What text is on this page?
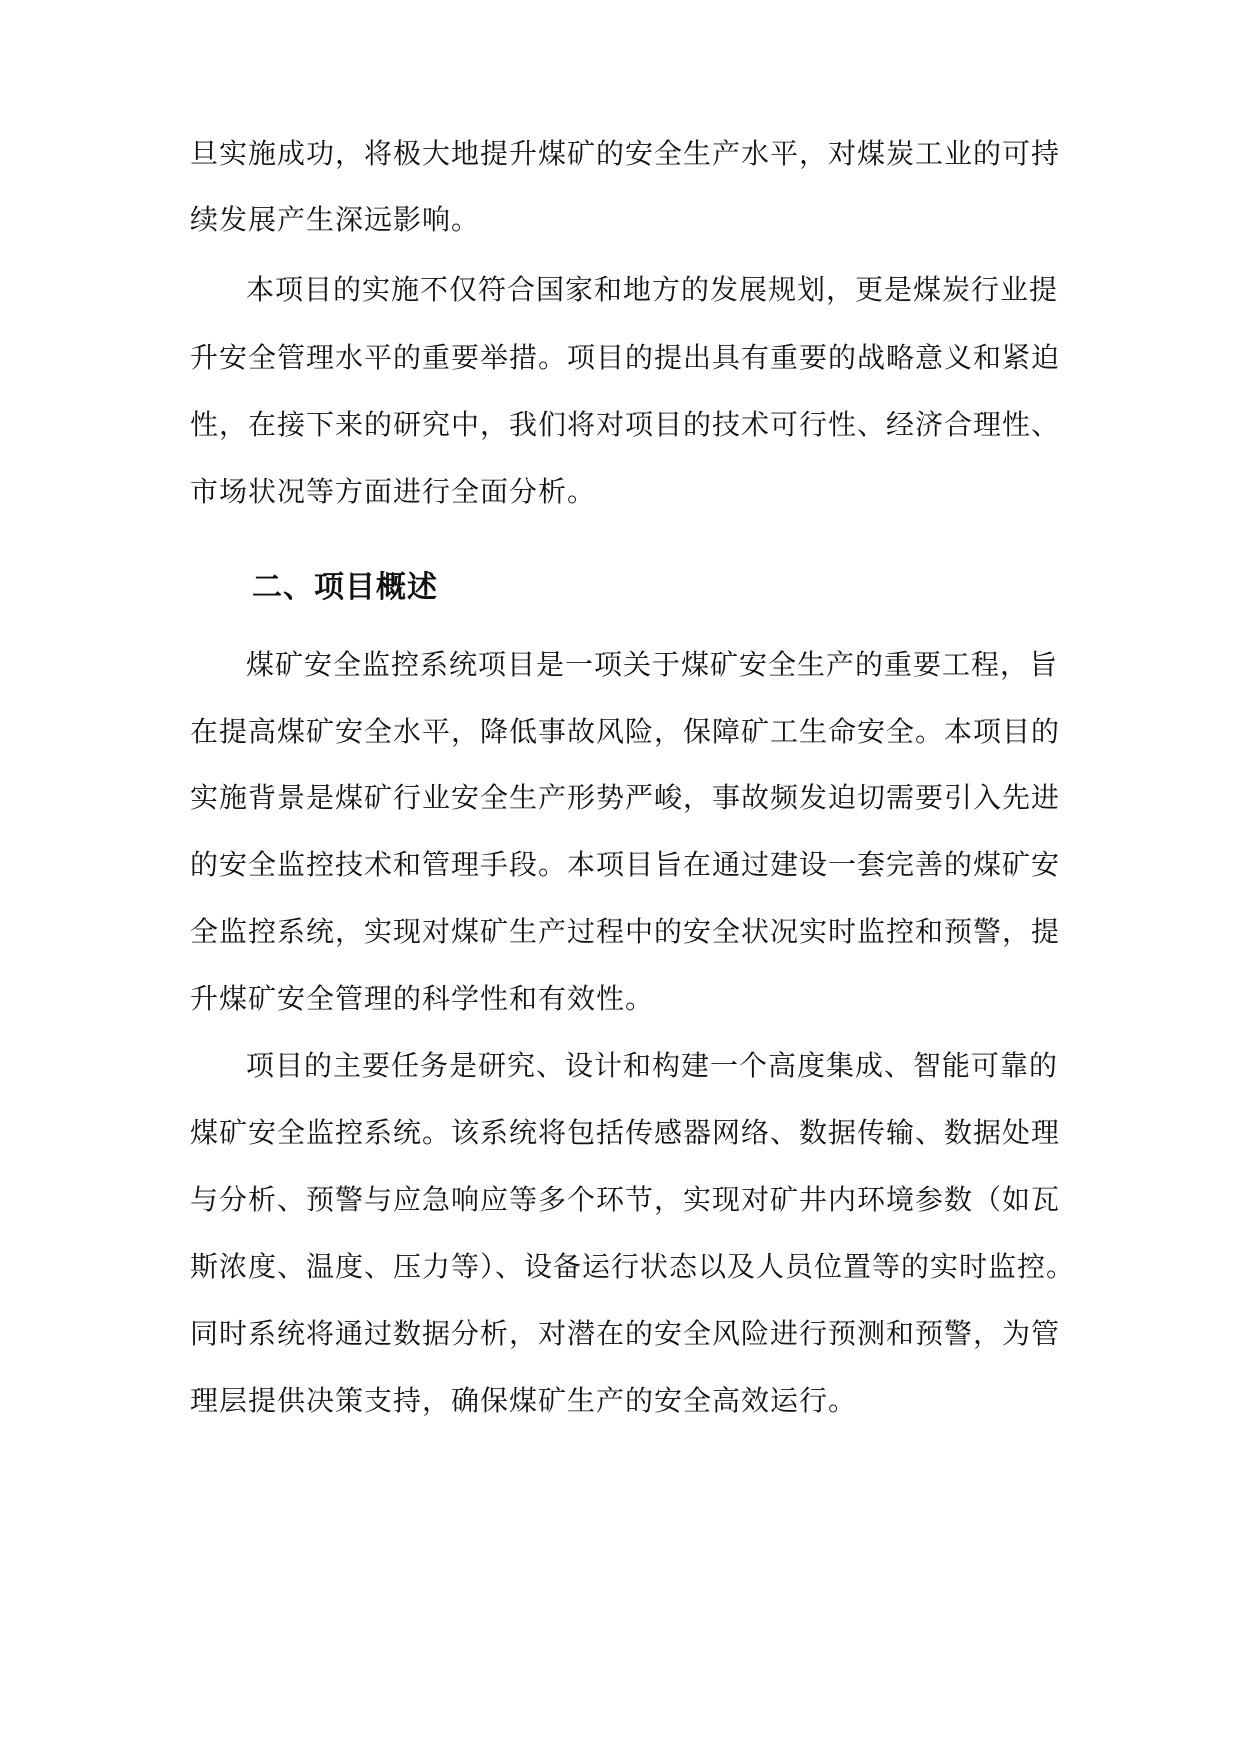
旦实施成功，将极大地提升煤矿的安全生产水平，对煤炭工业的可持
续发展产生深远影响。
本项目的实施不仅符合国家和地方的发展规划，更是煤炭行业提
升安全管理水平的重要举措。项目的提出具有重要的战略意义和紧迫
性，在接下来的研究中，我们将对项目的技术可行性、经济合理性、
市场状况等方面进行全面分析。
二、项目概述
煤矿安全监控系统项目是一项关于煤矿安全生产的重要工程，旨
在提高煤矿安全水平，降低事故风险，保障矿工生命安全。本项目的
实施背景是煤矿行业安全生产形势严峻，事故频发迫切需要引入先进
的安全监控技术和管理手段。本项目旨在通过建设一套完善的煤矿安
全监控系统，实现对煤矿生产过程中的安全状况实时监控和预警，提
升煤矿安全管理的科学性和有效性。
项目的主要任务是研究、设计和构建一个高度集成、智能可靠的
煤矿安全监控系统。该系统将包括传感器网络、数据传输、数据处理
与分析、预警与应急响应等多个环节，实现对矿井内环境参数（如瓦
斯浓度、温度、压力等）、设备运行状态以及人员位置等的实时监控。
同时系统将通过数据分析，对潜在的安全风险进行预测和预警，为管
理层提供决策支持，确保煤矿生产的安全高效运行。
